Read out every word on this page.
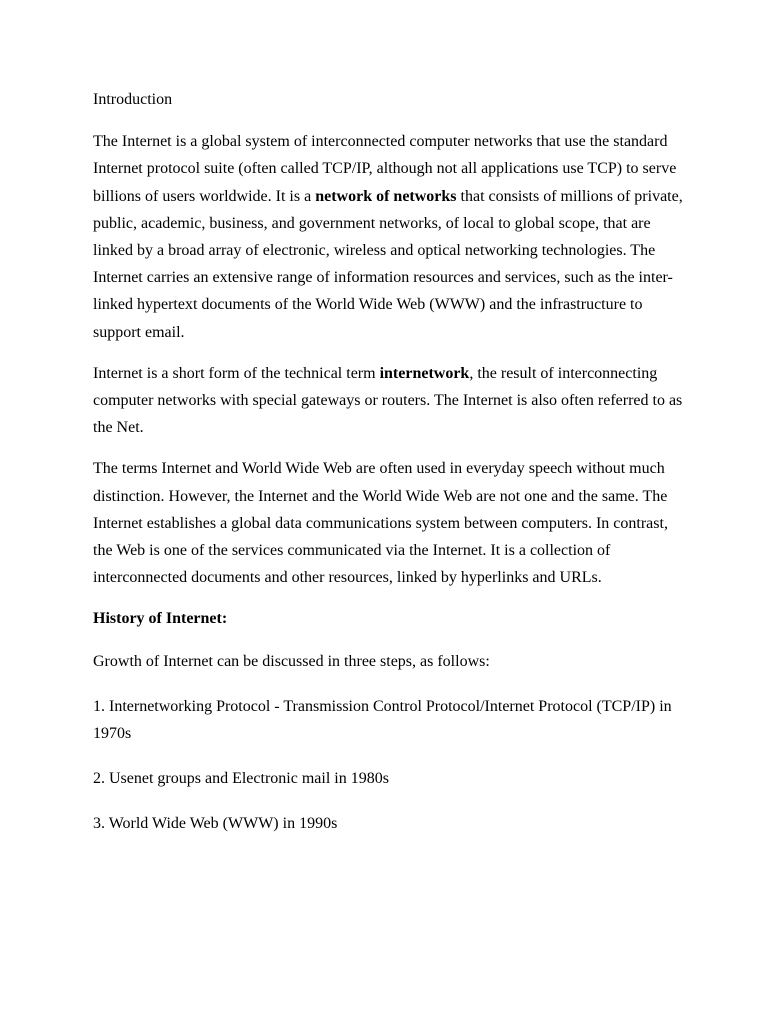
Introduction

The Internet is a global system of interconnected computer networks that use the standard Internet protocol suite (often called TCP/IP, although not all applications use TCP) to serve billions of users worldwide. It is a network of networks that consists of millions of private, public, academic, business, and government networks, of local to global scope, that are linked by a broad array of electronic, wireless and optical networking technologies. The Internet carries an extensive range of information resources and services, such as the inter-linked hypertext documents of the World Wide Web (WWW) and the infrastructure to support email.

Internet is a short form of the technical term internetwork, the result of interconnecting computer networks with special gateways or routers. The Internet is also often referred to as the Net.

The terms Internet and World Wide Web are often used in everyday speech without much distinction. However, the Internet and the World Wide Web are not one and the same. The Internet establishes a global data communications system between computers. In contrast, the Web is one of the services communicated via the Internet. It is a collection of interconnected documents and other resources, linked by hyperlinks and URLs.

History of Internet:

Growth of Internet can be discussed in three steps, as follows:

1. Internetworking Protocol - Transmission Control Protocol/Internet Protocol (TCP/IP) in 1970s

2. Usenet groups and Electronic mail in 1980s

3. World Wide Web (WWW) in 1990s
